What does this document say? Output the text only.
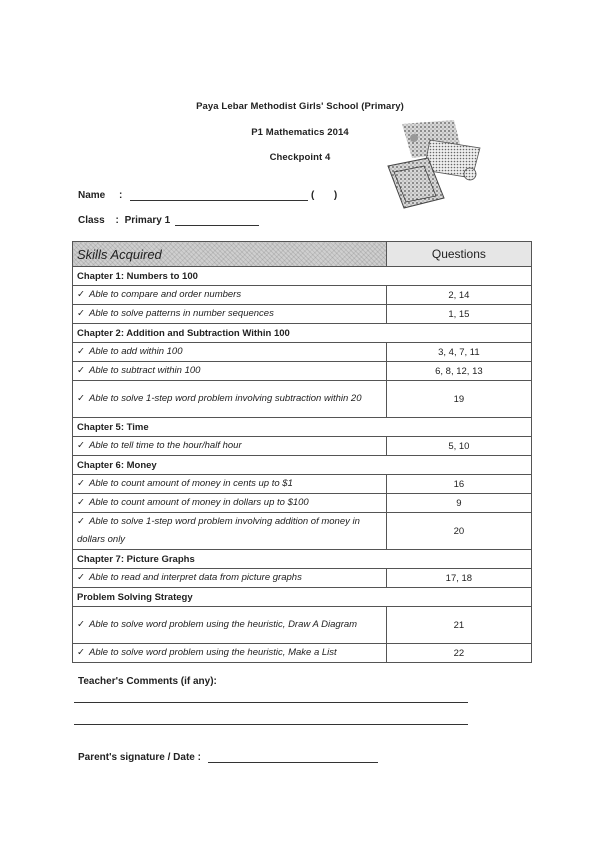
Paya Lebar Methodist Girls' School (Primary)
P1 Mathematics 2014
Checkpoint 4
Name :	( )
Class : Primary 1
Skills Acquired	Questions
Chapter 1: Numbers to 100	
✓ Able to compare and order numbers	2, 14
✓ Able to solve patterns in number sequences	1, 15
Chapter 2: Addition and Subtraction Within 100	
✓ Able to add within 100	3, 4, 7, 11
✓ Able to subtract within 100	6, 8, 12, 13
✓ Able to solve 1-step word problem involving subtraction within 20	19
Chapter 5: Time	
✓ Able to tell time to the hour/half hour	5, 10
Chapter 6: Money	
✓ Able to count amount of money in cents up to $1	16
✓ Able to count amount of money in dollars up to $100	9
✓ Able to solve 1-step word problem involving addition of money in dollars only	20
Chapter 7: Picture Graphs	
✓ Able to read and interpret data from picture graphs	17, 18
Problem Solving Strategy	
✓ Able to solve word problem using the heuristic, Draw A Diagram	21
✓ Able to solve word problem using the heuristic, Make a List	22
Teacher's Comments (if any):
Parent's signature / Date :
